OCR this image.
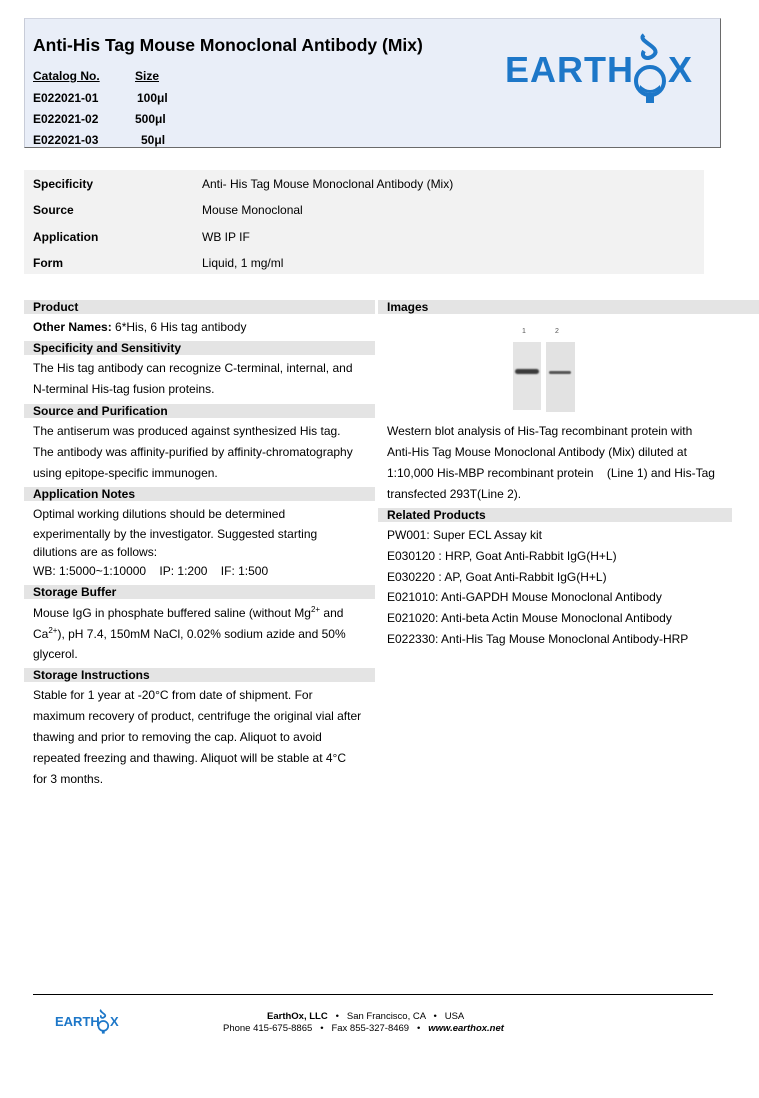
Anti-His Tag Mouse Monoclonal Antibody (Mix)
Catalog No.	Size
E022021-01	100μl
E022021-02	500μl
E022021-03	50μl
EARTH X
Specificity	Anti- His Tag Mouse Monoclonal Antibody (Mix)
Source	Mouse Monoclonal
Application	WB IP IF
Form	Liquid, 1 mg/ml
Product
Other Names: 6*His, 6 His tag antibody
Specificity and Sensitivity
The His tag antibody can recognize C-terminal, internal, and
N-terminal His-tag fusion proteins.
Source and Purification
The antiserum was produced against synthesized His tag.
The antibody was affinity-purified by affinity-chromatography
using epitope-specific immunogen.
Application Notes
Optimal working dilutions should be determined
experimentally by the investigator. Suggested starting
dilutions are as follows:
WB: 1:5000~1:10000    IP: 1:200    IF: 1:500
Storage Buffer
Mouse IgG in phosphate buffered saline (without $Mg^{2+}$ and
$Ca^{2+}$), pH 7.4, 150mM NaCl, 0.02% sodium azide and 50%
glycerol.
Storage Instructions
Stable for 1 year at -20°C from date of shipment. For
maximum recovery of product, centrifuge the original vial after
thawing and prior to removing the cap. Aliquot to avoid
repeated freezing and thawing. Aliquot will be stable at 4°C
for 3 months.
Images
1	2
Western blot analysis of His-Tag recombinant protein with
Anti-His Tag Mouse Monoclonal Antibody (Mix) diluted at
1:10,000 His-MBP recombinant protein    (Line 1) and His-Tag
transfected 293T(Line 2).
Related Products
PW001: Super ECL Assay kit
E030120 : HRP, Goat Anti-Rabbit IgG(H+L)
E030220 : AP, Goat Anti-Rabbit IgG(H+L)
E021010: Anti-GAPDH Mouse Monoclonal Antibody
E021020: Anti-beta Actin Mouse Monoclonal Antibody
E022330: Anti-His Tag Mouse Monoclonal Antibody-HRP
EARTH X	EarthOx, LLC • San Francisco, CA • USA
Phone 415-675-8865 • Fax 855-327-8469 • www.earthox.net
